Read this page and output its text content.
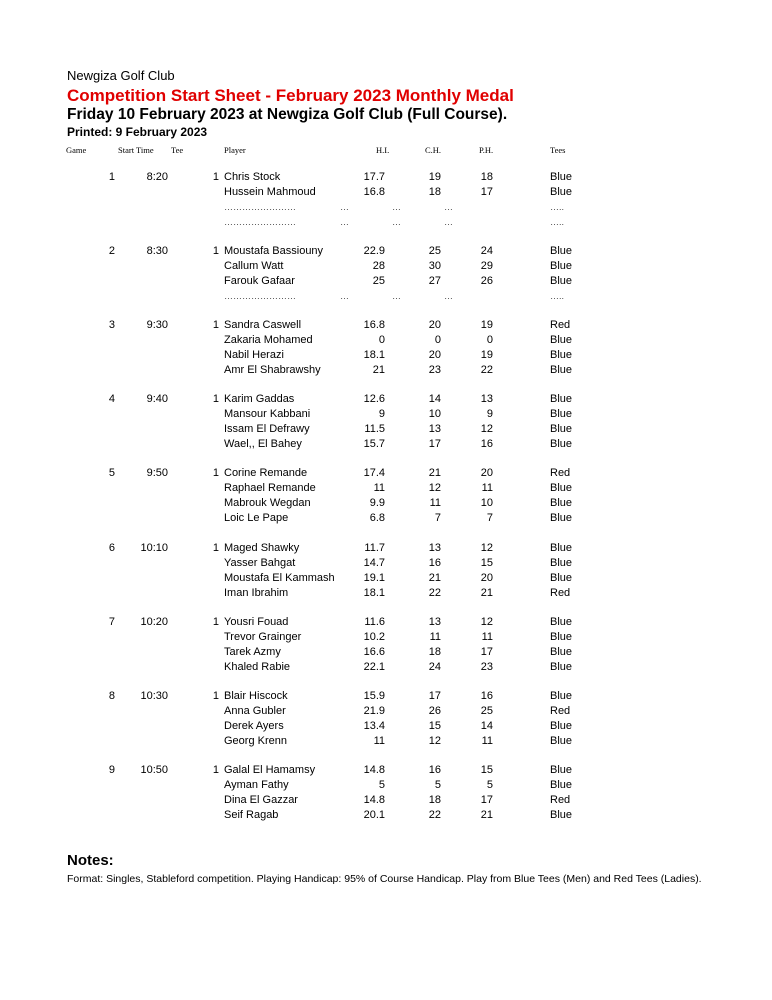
Newgiza Golf Club
Competition Start Sheet - February 2023 Monthly Medal
Friday 10 February 2023 at Newgiza Golf Club (Full Course).
Printed: 9 February 2023
Game	Start Time Tee	Player	H.I.	C.H.	P.H.	Tees
1	8:20	1 Chris Stock	17.7	19	18	Blue
Hussein Mahmoud	16.8	18	17	Blue
……………………	…	…	…	…..
……………………	…	…	…	…..
2	8:30	1 Moustafa Bassiouny	22.9	25	24	Blue
Callum Watt	28	30	29	Blue
Farouk Gafaar	25	27	26	Blue
……………………	…	…	…	…..
3	9:30	1 Sandra Caswell	16.8	20	19	Red
Zakaria Mohamed	0	0	0	Blue
Nabil Herazi	18.1	20	19	Blue
Amr El Shabrawshy	21	23	22	Blue
4	9:40	1 Karim Gaddas	12.6	14	13	Blue
Mansour Kabbani	9	10	9	Blue
Issam El Defrawy	11.5	13	12	Blue
Wael,, El Bahey	15.7	17	16	Blue
5	9:50	1 Corine Remande	17.4	21	20	Red
Raphael Remande	11	12	11	Blue
Mabrouk Wegdan	9.9	11	10	Blue
Loic Le Pape	6.8	7	7	Blue
6	10:10	1 Maged Shawky	11.7	13	12	Blue
Yasser Bahgat	14.7	16	15	Blue
Moustafa El Kammash	19.1	21	20	Blue
Iman Ibrahim	18.1	22	21	Red
7	10:20	1 Yousri Fouad	11.6	13	12	Blue
Trevor Grainger	10.2	11	11	Blue
Tarek Azmy	16.6	18	17	Blue
Khaled Rabie	22.1	24	23	Blue
8	10:30	1 Blair Hiscock	15.9	17	16	Blue
Anna Gubler	21.9	26	25	Red
Derek Ayers	13.4	15	14	Blue
Georg Krenn	11	12	11	Blue
9	10:50	1 Galal El Hamamsy	14.8	16	15	Blue
Ayman Fathy	5	5	5	Blue
Dina El Gazzar	14.8	18	17	Red
Seif Ragab	20.1	22	21	Blue
Notes:
Format: Singles, Stableford competition. Playing Handicap: 95% of Course Handicap. Play from Blue Tees (Men) and Red Tees (Ladies).
